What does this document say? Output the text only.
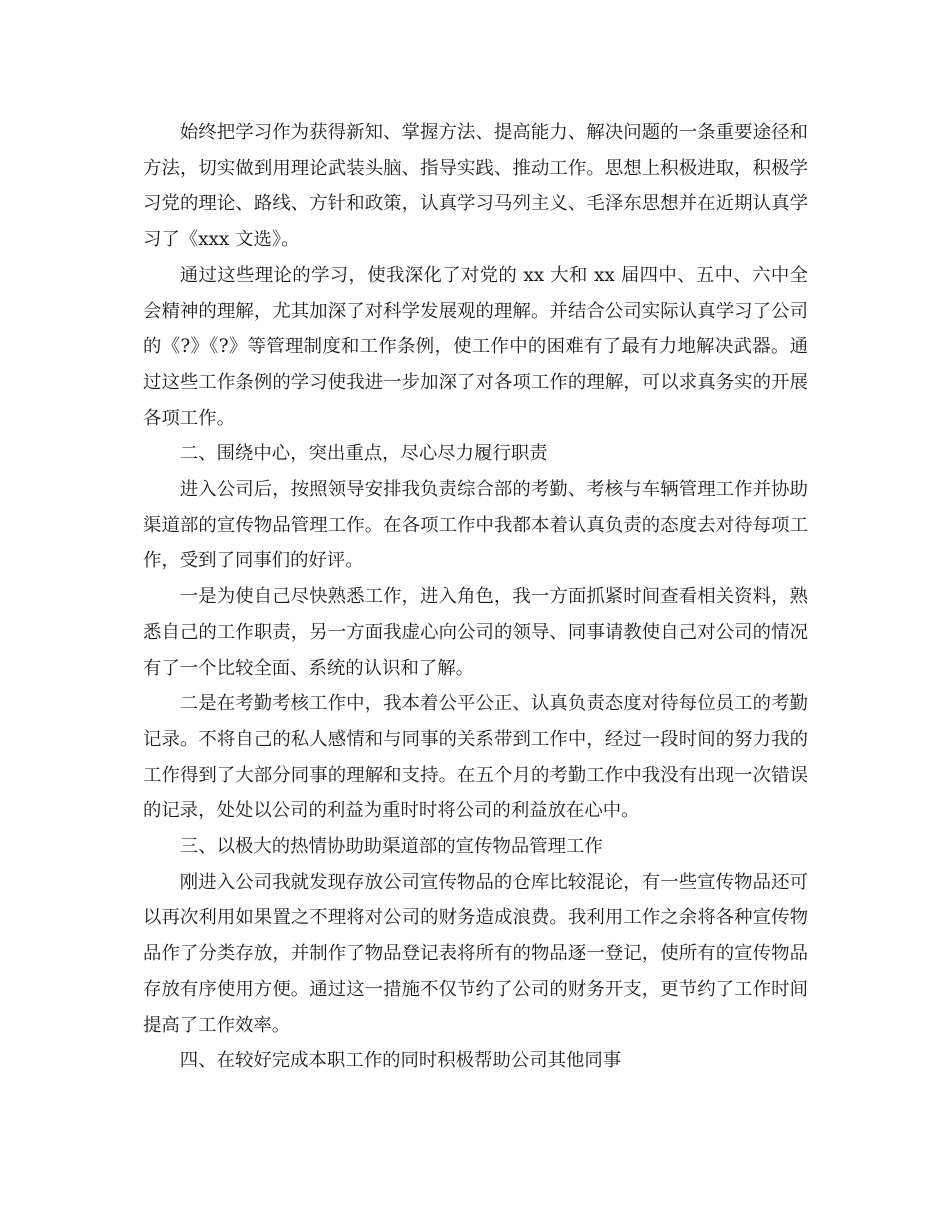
始终把学习作为获得新知、掌握方法、提高能力、解决问题的一条重要途径和方法，切实做到用理论武装头脑、指导实践、推动工作。思想上积极进取，积极学习党的理论、路线、方针和政策，认真学习马列主义、毛泽东思想并在近期认真学习了《xxx 文选》。

通过这些理论的学习，使我深化了对党的 xx 大和 xx 届四中、五中、六中全会精神的理解，尤其加深了对科学发展观的理解。并结合公司实际认真学习了公司的《?》《?》等管理制度和工作条例，使工作中的困难有了最有力地解决武器。通过这些工作条例的学习使我进一步加深了对各项工作的理解，可以求真务实的开展各项工作。

二、围绕中心，突出重点，尽心尽力履行职责

进入公司后，按照领导安排我负责综合部的考勤、考核与车辆管理工作并协助渠道部的宣传物品管理工作。在各项工作中我都本着认真负责的态度去对待每项工作，受到了同事们的好评。

一是为使自己尽快熟悉工作，进入角色，我一方面抓紧时间查看相关资料，熟悉自己的工作职责，另一方面我虚心向公司的领导、同事请教使自己对公司的情况有了一个比较全面、系统的认识和了解。

二是在考勤考核工作中，我本着公平公正、认真负责态度对待每位员工的考勤记录。不将自己的私人感情和与同事的关系带到工作中，经过一段时间的努力我的工作得到了大部分同事的理解和支持。在五个月的考勤工作中我没有出现一次错误的记录，处处以公司的利益为重时时将公司的利益放在心中。

三、以极大的热情协助助渠道部的宣传物品管理工作

刚进入公司我就发现存放公司宣传物品的仓库比较混论，有一些宣传物品还可以再次利用如果置之不理将对公司的财务造成浪费。我利用工作之余将各种宣传物品作了分类存放，并制作了物品登记表将所有的物品逐一登记，使所有的宣传物品存放有序使用方便。通过这一措施不仅节约了公司的财务开支，更节约了工作时间提高了工作效率。

四、在较好完成本职工作的同时积极帮助公司其他同事
